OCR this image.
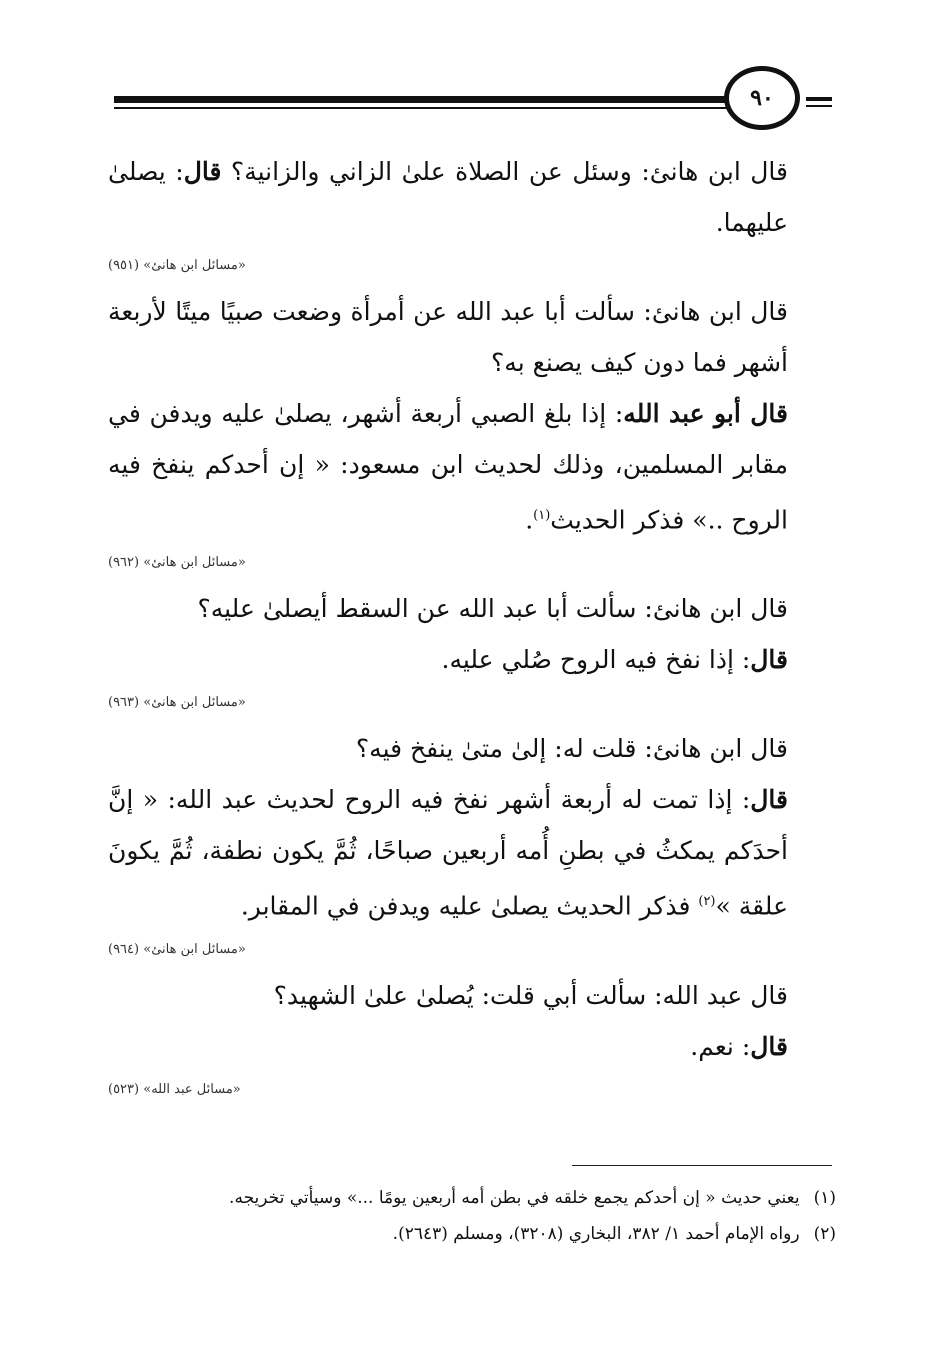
٩٠

قال ابن هانئ: وسئل عن الصلاة علىٰ الزاني والزانية؟ قال: يصلىٰ عليهما.

«مسائل ابن هانئ» (٩٥١)

قال ابن هانئ: سألت أبا عبد الله عن أمرأة وضعت صبيًا ميتًا لأربعة أشهر فما دون كيف يصنع به؟

قال أبو عبد الله: إذا بلغ الصبي أربعة أشهر، يصلىٰ عليه ويدفن في مقابر المسلمين، وذلك لحديث ابن مسعود: « إن أحدكم ينفخ فيه الروح ..» فذكر الحديث$^{(١)}$.

«مسائل ابن هانئ» (٩٦٢)

قال ابن هانئ: سألت أبا عبد الله عن السقط أيصلىٰ عليه؟

قال: إذا نفخ فيه الروح صُلي عليه.

«مسائل ابن هانئ» (٩٦٣)

قال ابن هانئ: قلت له: إلىٰ متىٰ ينفخ فيه؟

قال: إذا تمت له أربعة أشهر نفخ فيه الروح لحديث عبد الله: « إنَّ أحدَكم يمكثُ في بطنِ أُمه أربعين صباحًا، ثُمَّ يكون نطفة، ثُمَّ يكونَ علقة »$^{(٢)}$ فذكر الحديث يصلىٰ عليه ويدفن في المقابر.

«مسائل ابن هانئ» (٩٦٤)

قال عبد الله: سألت أبي قلت: يُصلىٰ علىٰ الشهيد؟

قال: نعم.

«مسائل عبد الله» (٥٢٣)

(١)يعني حديث « إن أحدكم يجمع خلقه في بطن أمه أربعين يومًا ...» وسيأتي تخريجه.

(٢)رواه الإمام أحمد ١/ ٣٨٢، البخاري (٣٢٠٨)، ومسلم (٢٦٤٣).
